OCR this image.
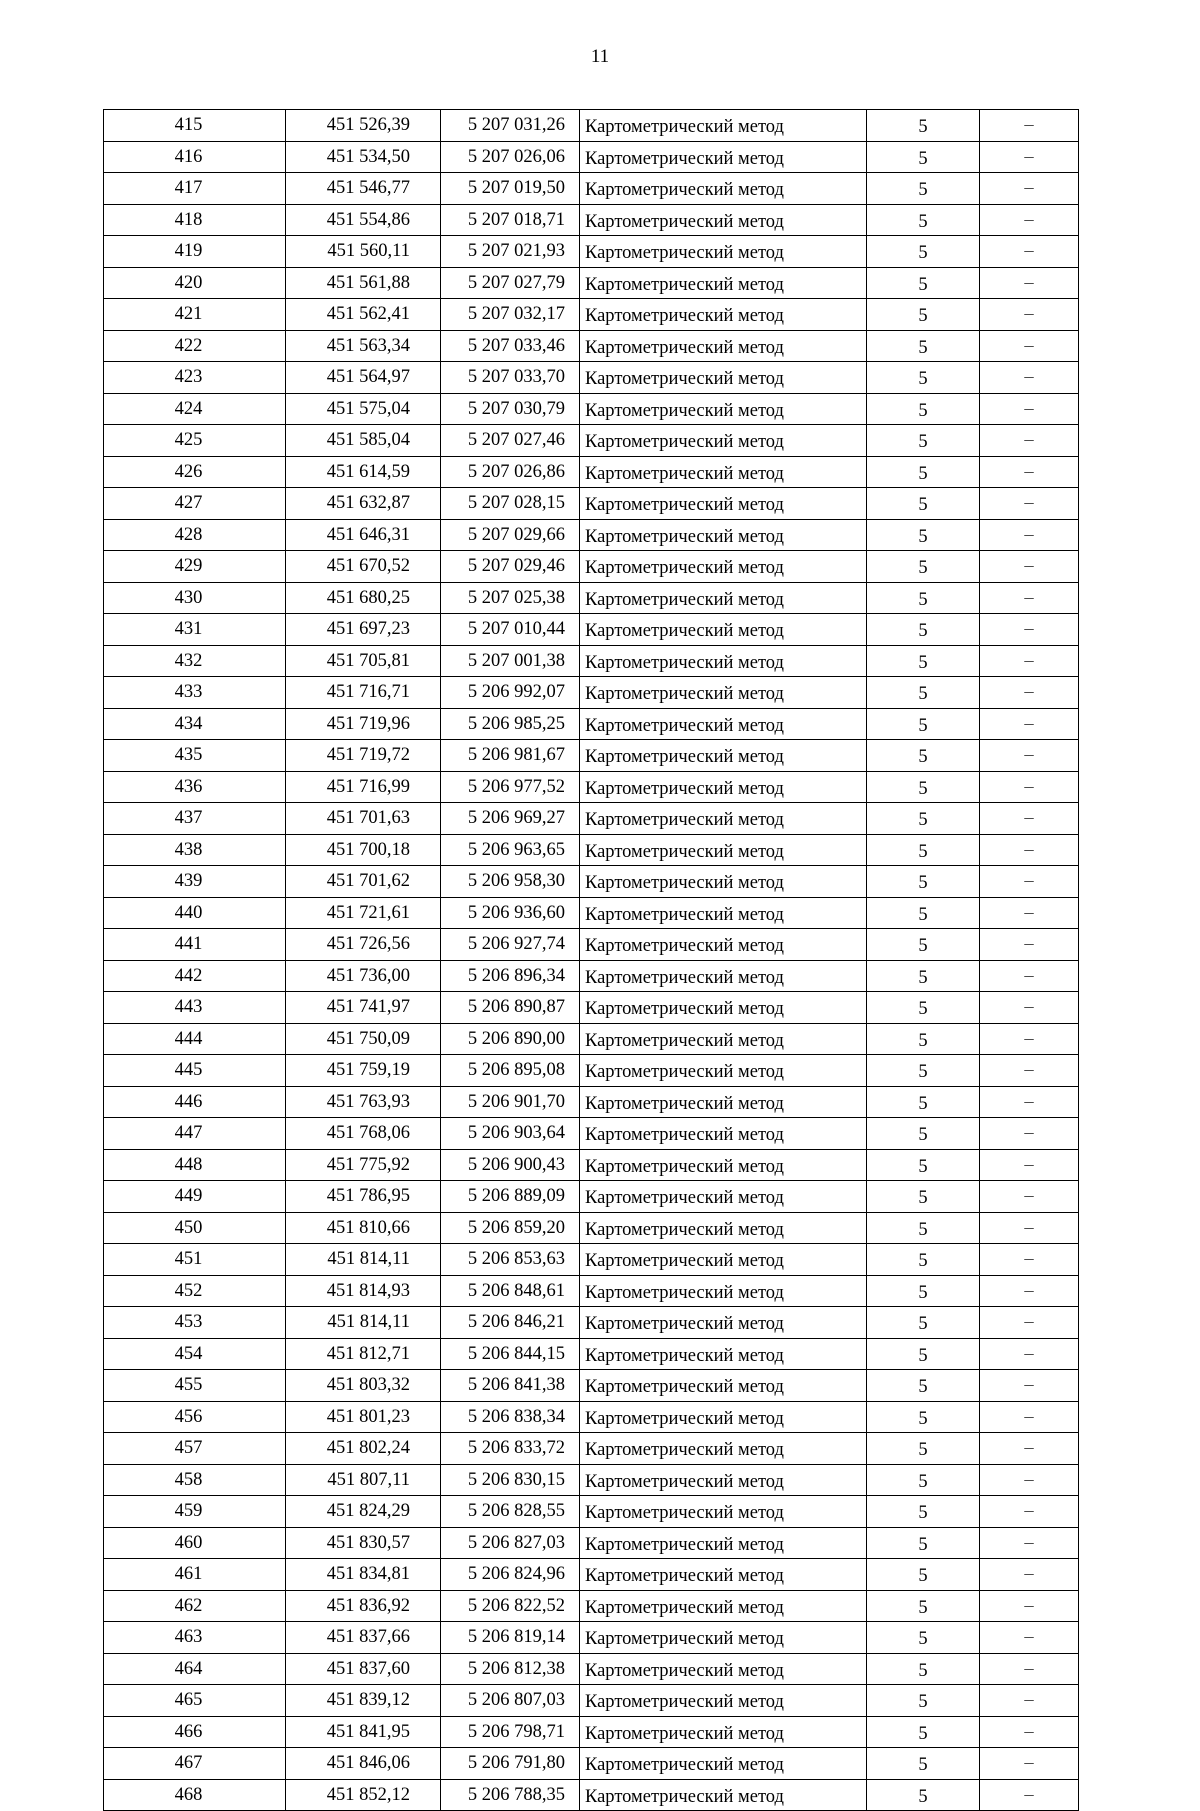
11
415	451 526,39	5 207 031,26	Картометрический метод	5	–
416	451 534,50	5 207 026,06	Картометрический метод	5	–
417	451 546,77	5 207 019,50	Картометрический метод	5	–
418	451 554,86	5 207 018,71	Картометрический метод	5	–
419	451 560,11	5 207 021,93	Картометрический метод	5	–
420	451 561,88	5 207 027,79	Картометрический метод	5	–
421	451 562,41	5 207 032,17	Картометрический метод	5	–
422	451 563,34	5 207 033,46	Картометрический метод	5	–
423	451 564,97	5 207 033,70	Картометрический метод	5	–
424	451 575,04	5 207 030,79	Картометрический метод	5	–
425	451 585,04	5 207 027,46	Картометрический метод	5	–
426	451 614,59	5 207 026,86	Картометрический метод	5	–
427	451 632,87	5 207 028,15	Картометрический метод	5	–
428	451 646,31	5 207 029,66	Картометрический метод	5	–
429	451 670,52	5 207 029,46	Картометрический метод	5	–
430	451 680,25	5 207 025,38	Картометрический метод	5	–
431	451 697,23	5 207 010,44	Картометрический метод	5	–
432	451 705,81	5 207 001,38	Картометрический метод	5	–
433	451 716,71	5 206 992,07	Картометрический метод	5	–
434	451 719,96	5 206 985,25	Картометрический метод	5	–
435	451 719,72	5 206 981,67	Картометрический метод	5	–
436	451 716,99	5 206 977,52	Картометрический метод	5	–
437	451 701,63	5 206 969,27	Картометрический метод	5	–
438	451 700,18	5 206 963,65	Картометрический метод	5	–
439	451 701,62	5 206 958,30	Картометрический метод	5	–
440	451 721,61	5 206 936,60	Картометрический метод	5	–
441	451 726,56	5 206 927,74	Картометрический метод	5	–
442	451 736,00	5 206 896,34	Картометрический метод	5	–
443	451 741,97	5 206 890,87	Картометрический метод	5	–
444	451 750,09	5 206 890,00	Картометрический метод	5	–
445	451 759,19	5 206 895,08	Картометрический метод	5	–
446	451 763,93	5 206 901,70	Картометрический метод	5	–
447	451 768,06	5 206 903,64	Картометрический метод	5	–
448	451 775,92	5 206 900,43	Картометрический метод	5	–
449	451 786,95	5 206 889,09	Картометрический метод	5	–
450	451 810,66	5 206 859,20	Картометрический метод	5	–
451	451 814,11	5 206 853,63	Картометрический метод	5	–
452	451 814,93	5 206 848,61	Картометрический метод	5	–
453	451 814,11	5 206 846,21	Картометрический метод	5	–
454	451 812,71	5 206 844,15	Картометрический метод	5	–
455	451 803,32	5 206 841,38	Картометрический метод	5	–
456	451 801,23	5 206 838,34	Картометрический метод	5	–
457	451 802,24	5 206 833,72	Картометрический метод	5	–
458	451 807,11	5 206 830,15	Картометрический метод	5	–
459	451 824,29	5 206 828,55	Картометрический метод	5	–
460	451 830,57	5 206 827,03	Картометрический метод	5	–
461	451 834,81	5 206 824,96	Картометрический метод	5	–
462	451 836,92	5 206 822,52	Картометрический метод	5	–
463	451 837,66	5 206 819,14	Картометрический метод	5	–
464	451 837,60	5 206 812,38	Картометрический метод	5	–
465	451 839,12	5 206 807,03	Картометрический метод	5	–
466	451 841,95	5 206 798,71	Картометрический метод	5	–
467	451 846,06	5 206 791,80	Картометрический метод	5	–
468	451 852,12	5 206 788,35	Картометрический метод	5	–
